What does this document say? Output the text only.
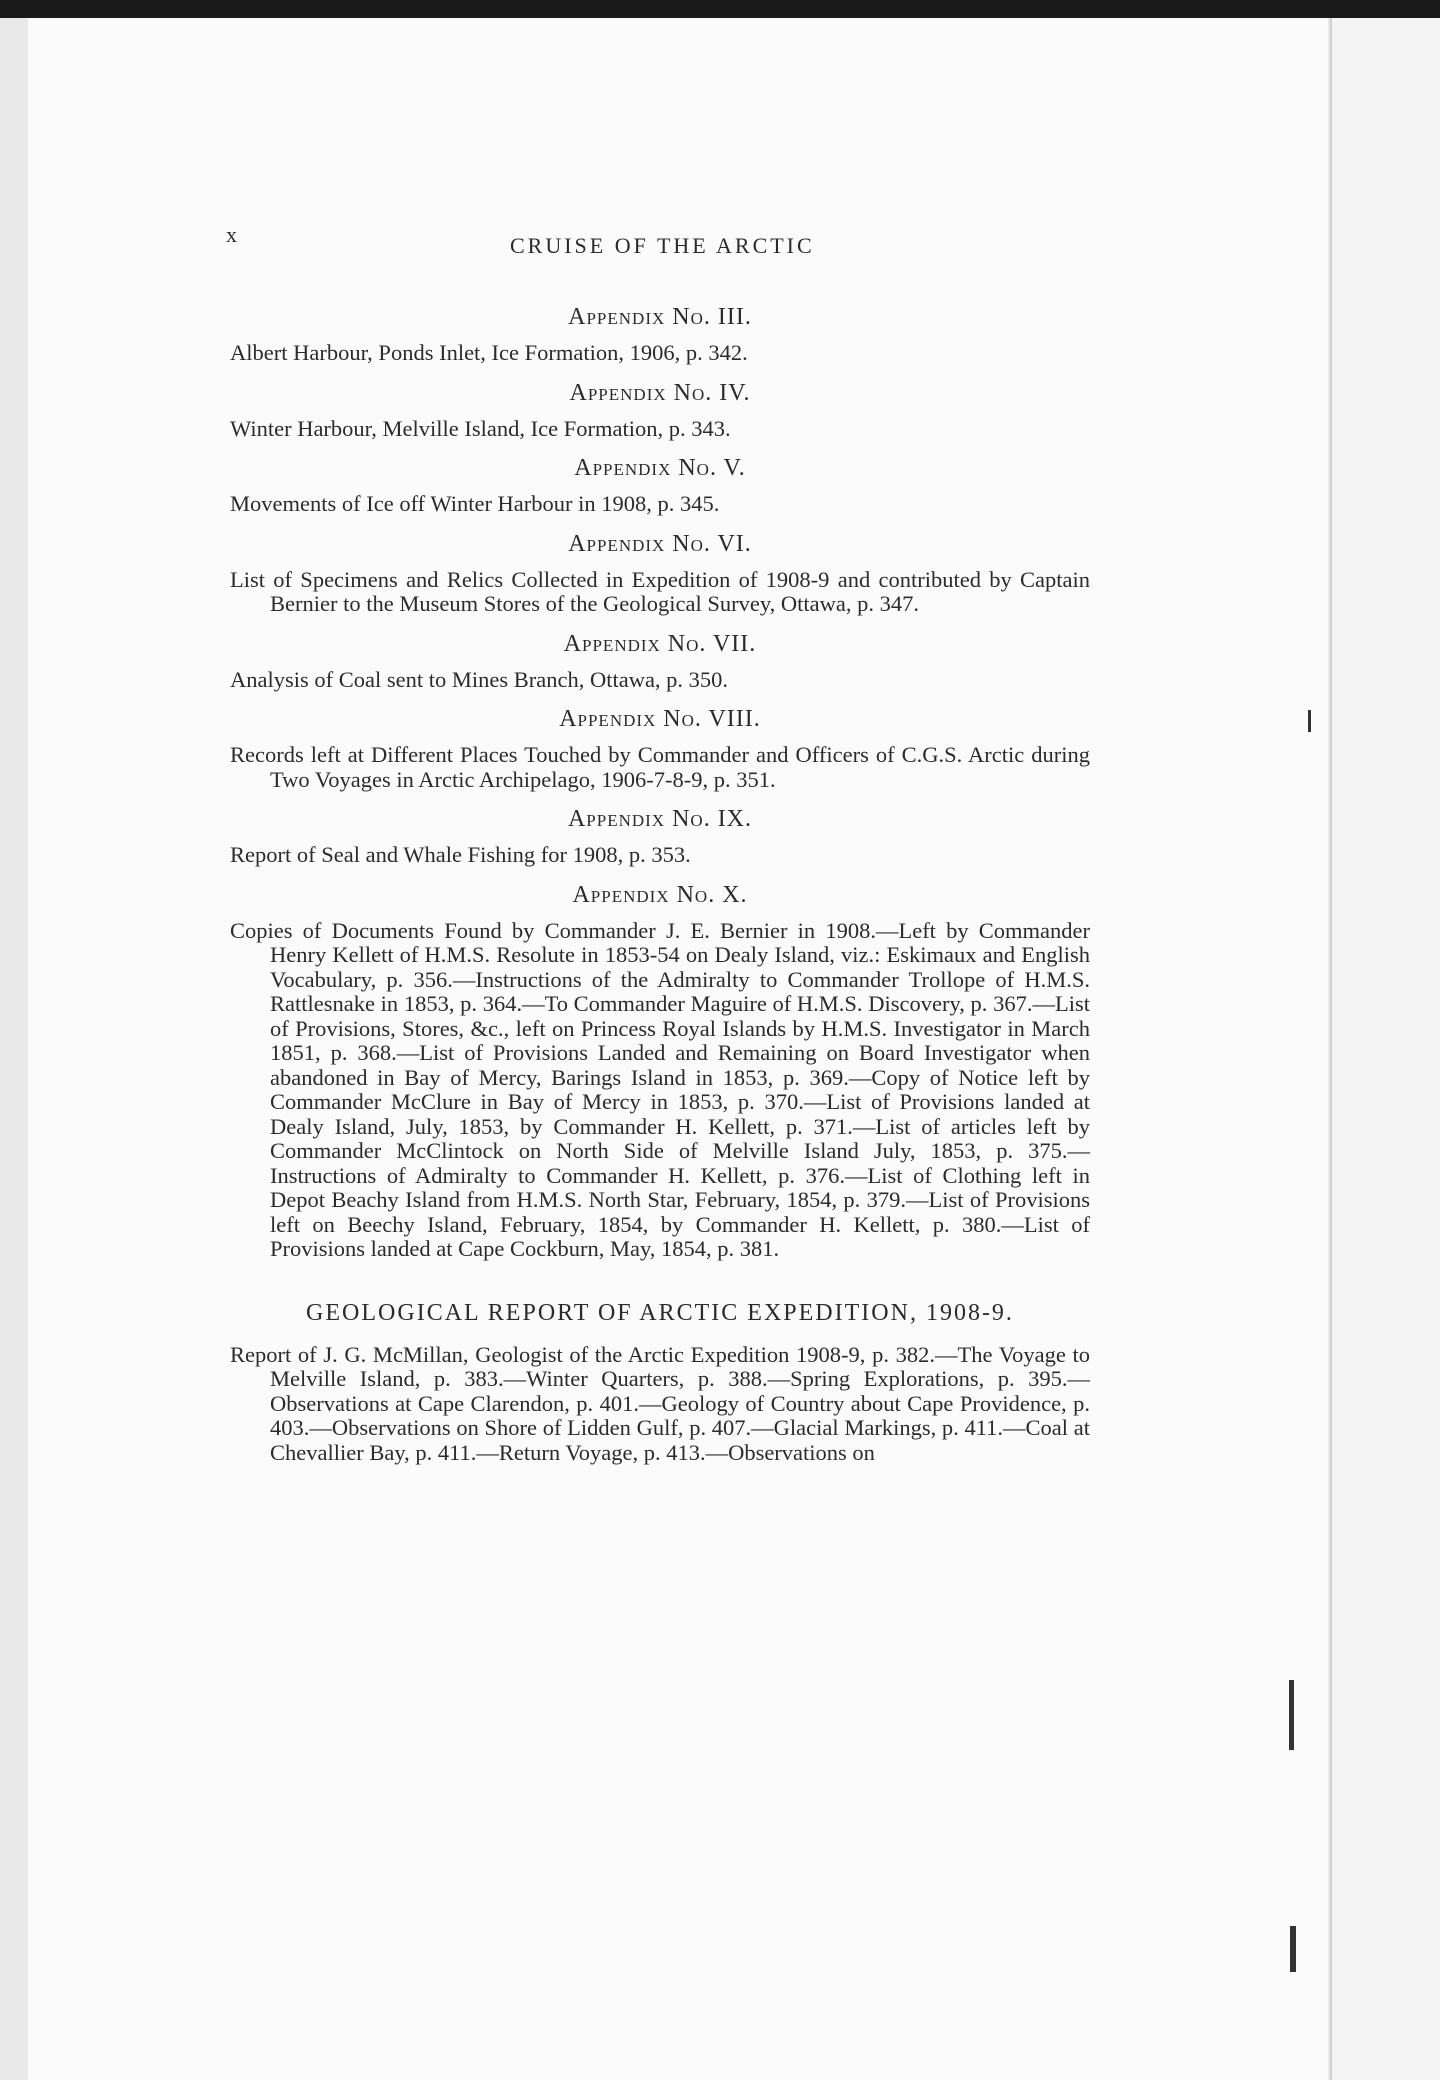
x	CRUISE OF THE ARCTIC
Appendix No. III.

Albert Harbour, Ponds Inlet, Ice Formation, 1906, p. 342.

Appendix No. IV.

Winter Harbour, Melville Island, Ice Formation, p. 343.

Appendix No. V.

Movements of Ice off Winter Harbour in 1908, p. 345.

Appendix No. VI.

List of Specimens and Relics Collected in Expedition of 1908-9 and contributed by Captain Bernier to the Museum Stores of the Geological Survey, Ottawa, p. 347.

Appendix No. VII.

Analysis of Coal sent to Mines Branch, Ottawa, p. 350.

Appendix No. VIII.

Records left at Different Places Touched by Commander and Officers of C.G.S. Arctic during Two Voyages in Arctic Archipelago, 1906-7-8-9, p. 351.

Appendix No. IX.

Report of Seal and Whale Fishing for 1908, p. 353.

Appendix No. X.

Copies of Documents Found by Commander J. E. Bernier in 1908.—Left by Commander Henry Kellett of H.M.S. Resolute in 1853-54 on Dealy Island, viz.: Eskimaux and English Vocabulary, p. 356.—Instructions of the Admiralty to Commander Trollope of H.M.S. Rattlesnake in 1853, p. 364.—To Commander Maguire of H.M.S. Discovery, p. 367.—List of Provisions, Stores, &c., left on Princess Royal Islands by H.M.S. Investigator in March 1851, p. 368.—List of Provisions Landed and Remaining on Board Investigator when abandoned in Bay of Mercy, Barings Island in 1853, p. 369.—Copy of Notice left by Commander McClure in Bay of Mercy in 1853, p. 370.—List of Provisions landed at Dealy Island, July, 1853, by Commander H. Kellett, p. 371.—List of articles left by Commander McClintock on North Side of Melville Island July, 1853, p. 375.—Instructions of Admiralty to Commander H. Kellett, p. 376.—List of Clothing left in Depot Beachy Island from H.M.S. North Star, February, 1854, p. 379.—List of Provisions left on Beechy Island, February, 1854, by Commander H. Kellett, p. 380.—List of Provisions landed at Cape Cockburn, May, 1854, p. 381.

GEOLOGICAL REPORT OF ARCTIC EXPEDITION, 1908-9.

Report of J. G. McMillan, Geologist of the Arctic Expedition 1908-9, p. 382.—The Voyage to Melville Island, p. 383.—Winter Quarters, p. 388.—Spring Explorations, p. 395.—Observations at Cape Clarendon, p. 401.—Geology of Country about Cape Providence, p. 403.—Observations on Shore of Lidden Gulf, p. 407.—Glacial Markings, p. 411.—Coal at Chevallier Bay, p. 411.—Return Voyage, p. 413.—Observations on
